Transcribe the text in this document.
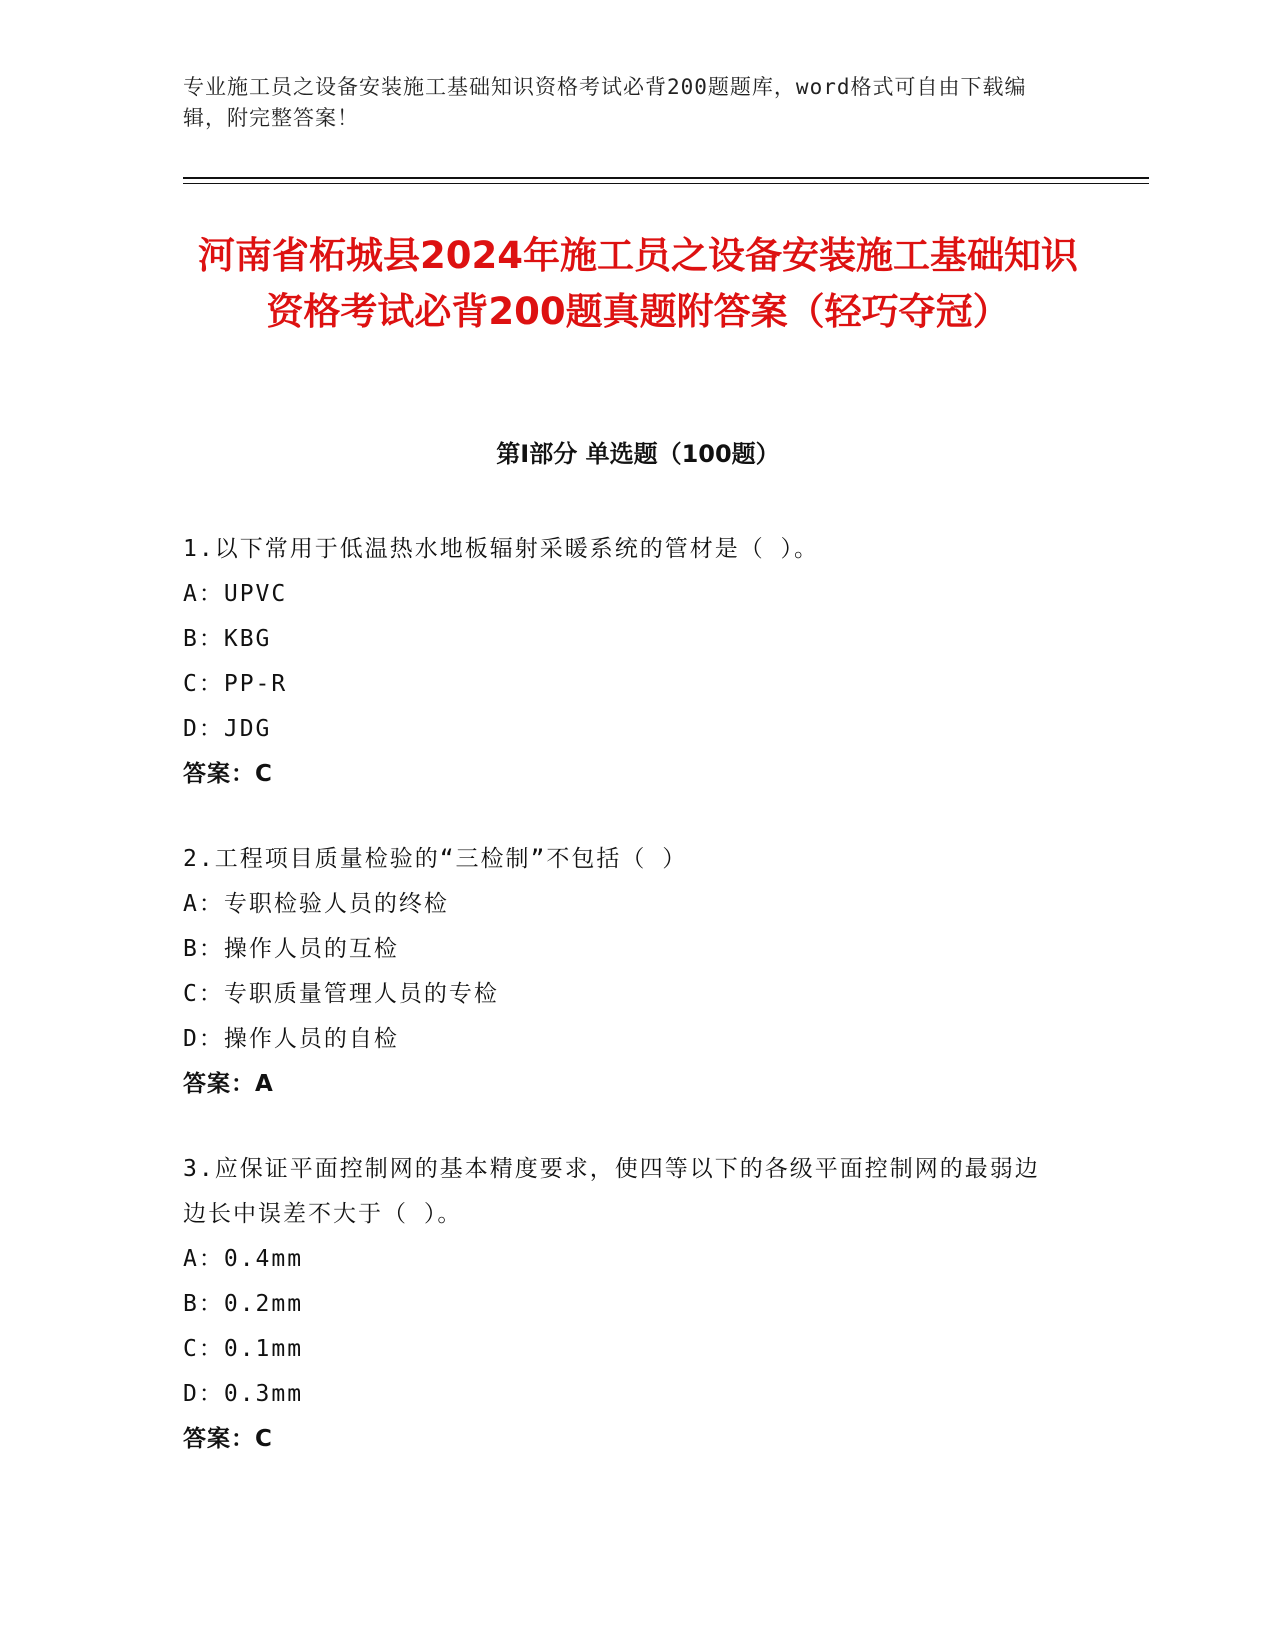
专业施工员之设备安装施工基础知识资格考试必背200题题库，word格式可自由下载编辑，附完整答案！
河南省柘城县2024年施工员之设备安装施工基础知识资格考试必背200题真题附答案（轻巧夺冠）
第Ⅰ部分 单选题（100题）
1.以下常用于低温热水地板辐射采暖系统的管材是（ ）。
A：UPVC
B：KBG
C：PP-R
D：JDG
答案：C
2.工程项目质量检验的“三检制”不包括（ ）
A：专职检验人员的终检
B：操作人员的互检
C：专职质量管理人员的专检
D：操作人员的自检
答案：A
3.应保证平面控制网的基本精度要求，使四等以下的各级平面控制网的最弱边边长中误差不大于（ ）。
A：0.4mm
B：0.2mm
C：0.1mm
D：0.3mm
答案：C
